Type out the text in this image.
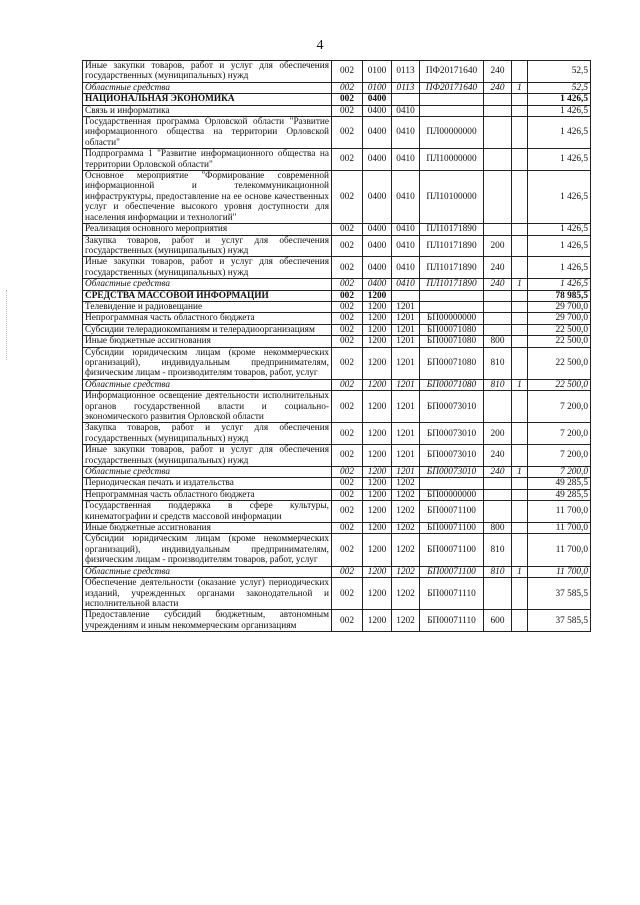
4
Иные закупки товаров, работ и услуг для обеспечения государственных (муниципальных) нужд	002	0100	0113	ПФ20171640	240		52,5
Областные средства	002	0100	0113	ПФ20171640	240	1	52,5
НАЦИОНАЛЬНАЯ ЭКОНОМИКА	002	0400					1 426,5
Связь и информатика	002	0400	0410				1 426,5
Государственная программа Орловской области "Развитие информационного общества на территории Орловской области"	002	0400	0410	ПЛ00000000			1 426,5
Подпрограмма 1 "Развитие информационного общества на территории Орловской области"	002	0400	0410	ПЛ10000000			1 426,5
Основное мероприятие "Формирование современной информационной и телекоммуникационной инфраструктуры, предоставление на ее основе качественных услуг и обеспечение высокого уровня доступности для населения информации и технологий"	002	0400	0410	ПЛ10100000			1 426,5
Реализация основного мероприятия	002	0400	0410	ПЛ10171890			1 426,5
Закупка товаров, работ и услуг для обеспечения государственных (муниципальных) нужд	002	0400	0410	ПЛ10171890	200		1 426,5
Иные закупки товаров, работ и услуг для обеспечения государственных (муниципальных) нужд	002	0400	0410	ПЛ10171890	240		1 426,5
Областные средства	002	0400	0410	ПЛ10171890	240	1	1 426,5
СРЕДСТВА МАССОВОЙ ИНФОРМАЦИИ	002	1200					78 985,5
Телевидение и радиовещание	002	1200	1201				29 700,0
Непрограммная часть областного бюджета	002	1200	1201	БП00000000			29 700,0
Субсидии телерадиокомпаниям и телерадиоорганизациям	002	1200	1201	БП00071080			22 500,0
Иные бюджетные ассигнования	002	1200	1201	БП00071080	800		22 500,0
Субсидии юридическим лицам (кроме некоммерческих организаций), индивидуальным предпринимателям, физическим лицам - производителям товаров, работ, услуг	002	1200	1201	БП00071080	810		22 500,0
Областные средства	002	1200	1201	БП00071080	810	1	22 500,0
Информационное освещение деятельности исполнительных органов государственной власти и социально-экономического развития Орловской области	002	1200	1201	БП00073010			7 200,0
Закупка товаров, работ и услуг для обеспечения государственных (муниципальных) нужд	002	1200	1201	БП00073010	200		7 200,0
Иные закупки товаров, работ и услуг для обеспечения государственных (муниципальных) нужд	002	1200	1201	БП00073010	240		7 200,0
Областные средства	002	1200	1201	БП00073010	240	1	7 200,0
Периодическая печать и издательства	002	1200	1202				49 285,5
Непрограммная часть областного бюджета	002	1200	1202	БП00000000			49 285,5
Государственная поддержка в сфере культуры, кинематографии и средств массовой информации	002	1200	1202	БП00071100			11 700,0
Иные бюджетные ассигнования	002	1200	1202	БП00071100	800		11 700,0
Субсидии юридическим лицам (кроме некоммерческих организаций), индивидуальным предпринимателям, физическим лицам - производителям товаров, работ, услуг	002	1200	1202	БП00071100	810		11 700,0
Областные средства	002	1200	1202	БП00071100	810	1	11 700,0
Обеспечение деятельности (оказание услуг) периодических изданий, учрежденных органами законодательной и исполнительной власти	002	1200	1202	БП00071110			37 585,5
Предоставление субсидий бюджетным, автономным учреждениям и иным некоммерческим организациям	002	1200	1202	БП00071110	600		37 585,5
